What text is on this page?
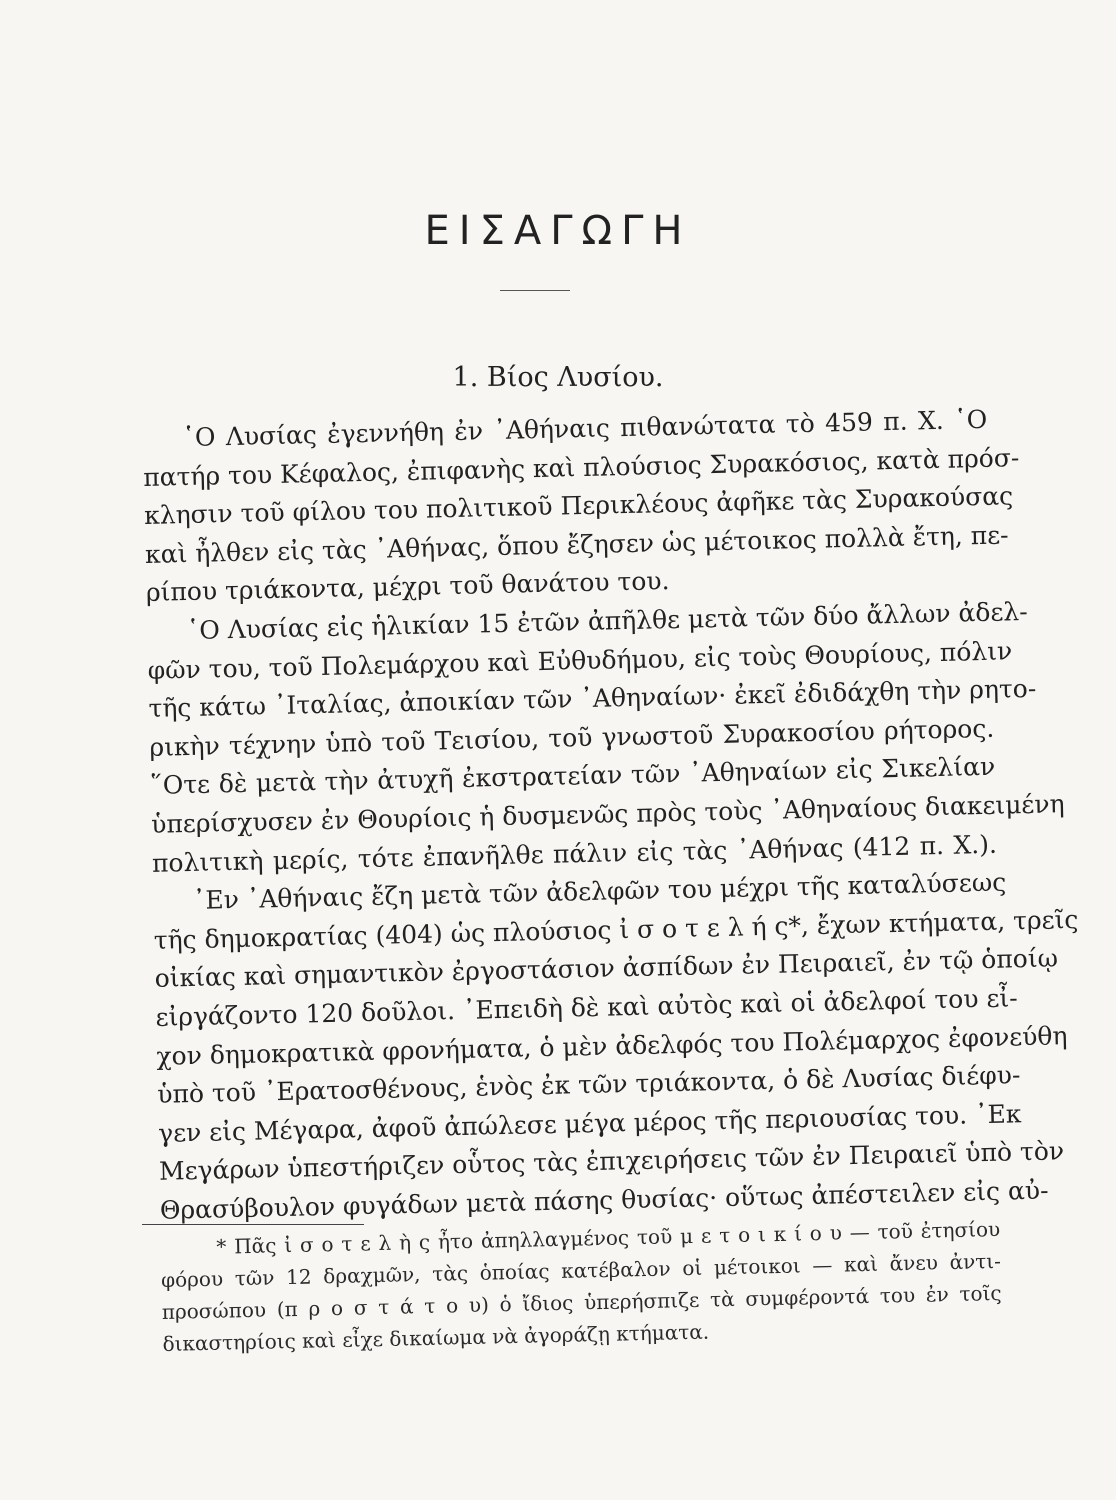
ΕΙΣΑΓΩΓΗ
1. Βίος Λυσίου.
῾Ο Λυσίας ἐγεννήθη ἐν ᾿Αθήναις πιθανώτατα τὸ 459 π. Χ. ῾Ο
πατήρ του Κέφαλος, ἐπιφανὴς καὶ πλούσιος Συρακόσιος, κατὰ πρόσ-
κλησιν τοῦ φίλου του πολιτικοῦ Περικλέους ἀφῆκε τὰς Συρακούσας
καὶ ἦλθεν εἰς τὰς ᾿Αθήνας, ὅπου ἔζησεν ὡς μέτοικος πολλὰ ἔτη, πε-
ρίπου τριάκοντα, μέχρι τοῦ θανάτου του.
῾Ο Λυσίας εἰς ἡλικίαν 15 ἐτῶν ἀπῆλθε μετὰ τῶν δύο ἄλλων ἀδελ-
φῶν του, τοῦ Πολεμάρχου καὶ Εὐθυδήμου, εἰς τοὺς Θουρίους, πόλιν
τῆς κάτω ᾿Ιταλίας, ἀποικίαν τῶν ᾿Αθηναίων· ἐκεῖ ἐδιδάχθη τὴν ρητο-
ρικὴν τέχνην ὑπὸ τοῦ Τεισίου, τοῦ γνωστοῦ Συρακοσίου ρήτορος.
῞Οτε δὲ μετὰ τὴν ἀτυχῆ ἐκστρατείαν τῶν ᾿Αθηναίων εἰς Σικελίαν
ὑπερίσχυσεν ἐν Θουρίοις ἡ δυσμενῶς πρὸς τοὺς ᾿Αθηναίους διακειμένη
πολιτικὴ μερίς, τότε ἐπανῆλθε πάλιν εἰς τὰς ᾿Αθήνας (412 π. Χ.).
᾿Εν ᾿Αθήναις ἔζη μετὰ τῶν ἀδελφῶν του μέχρι τῆς καταλύσεως
τῆς δημοκρατίας (404) ὡς πλούσιος ἰ σ ο τ ε λ ή ς*, ἔχων κτήματα, τρεῖς
οἰκίας καὶ σημαντικὸν ἐργοστάσιον ἀσπίδων ἐν Πειραιεῖ, ἐν τῷ ὁποίῳ
εἰργάζοντο 120 δοῦλοι. ᾿Επειδὴ δὲ καὶ αὐτὸς καὶ οἱ ἀδελφοί του εἶ-
χον δημοκρατικὰ φρονήματα, ὁ μὲν ἀδελφός του Πολέμαρχος ἐφονεύθη
ὑπὸ τοῦ ᾿Ερατοσθένους, ἑνὸς ἐκ τῶν τριάκοντα, ὁ δὲ Λυσίας διέφυ-
γεν εἰς Μέγαρα, ἀφοῦ ἀπώλεσε μέγα μέρος τῆς περιουσίας του. ᾿Εκ
Μεγάρων ὑπεστήριζεν οὗτος τὰς ἐπιχειρήσεις τῶν ἐν Πειραιεῖ ὑπὸ τὸν
Θρασύβουλον φυγάδων μετὰ πάσης θυσίας· οὕτως ἀπέστειλεν εἰς αὐ-
* Πᾶς ἰ σ ο τ ε λ ὴ ς ἦτο ἀπηλλαγμένος τοῦ μ ε τ ο ι κ ί ο υ — τοῦ ἐτησίου
φόρου τῶν 12 δραχμῶν, τὰς ὁποίας κατέβαλον οἱ μέτοικοι — καὶ ἄνευ ἀντι-
προσώπου (π ρ ο σ τ ά τ ο υ) ὁ ἴδιος ὑπερήσπιζε τὰ συμφέροντά του ἐν τοῖς
δικαστηρίοις καὶ εἶχε δικαίωμα νὰ ἀγοράζῃ κτήματα.
